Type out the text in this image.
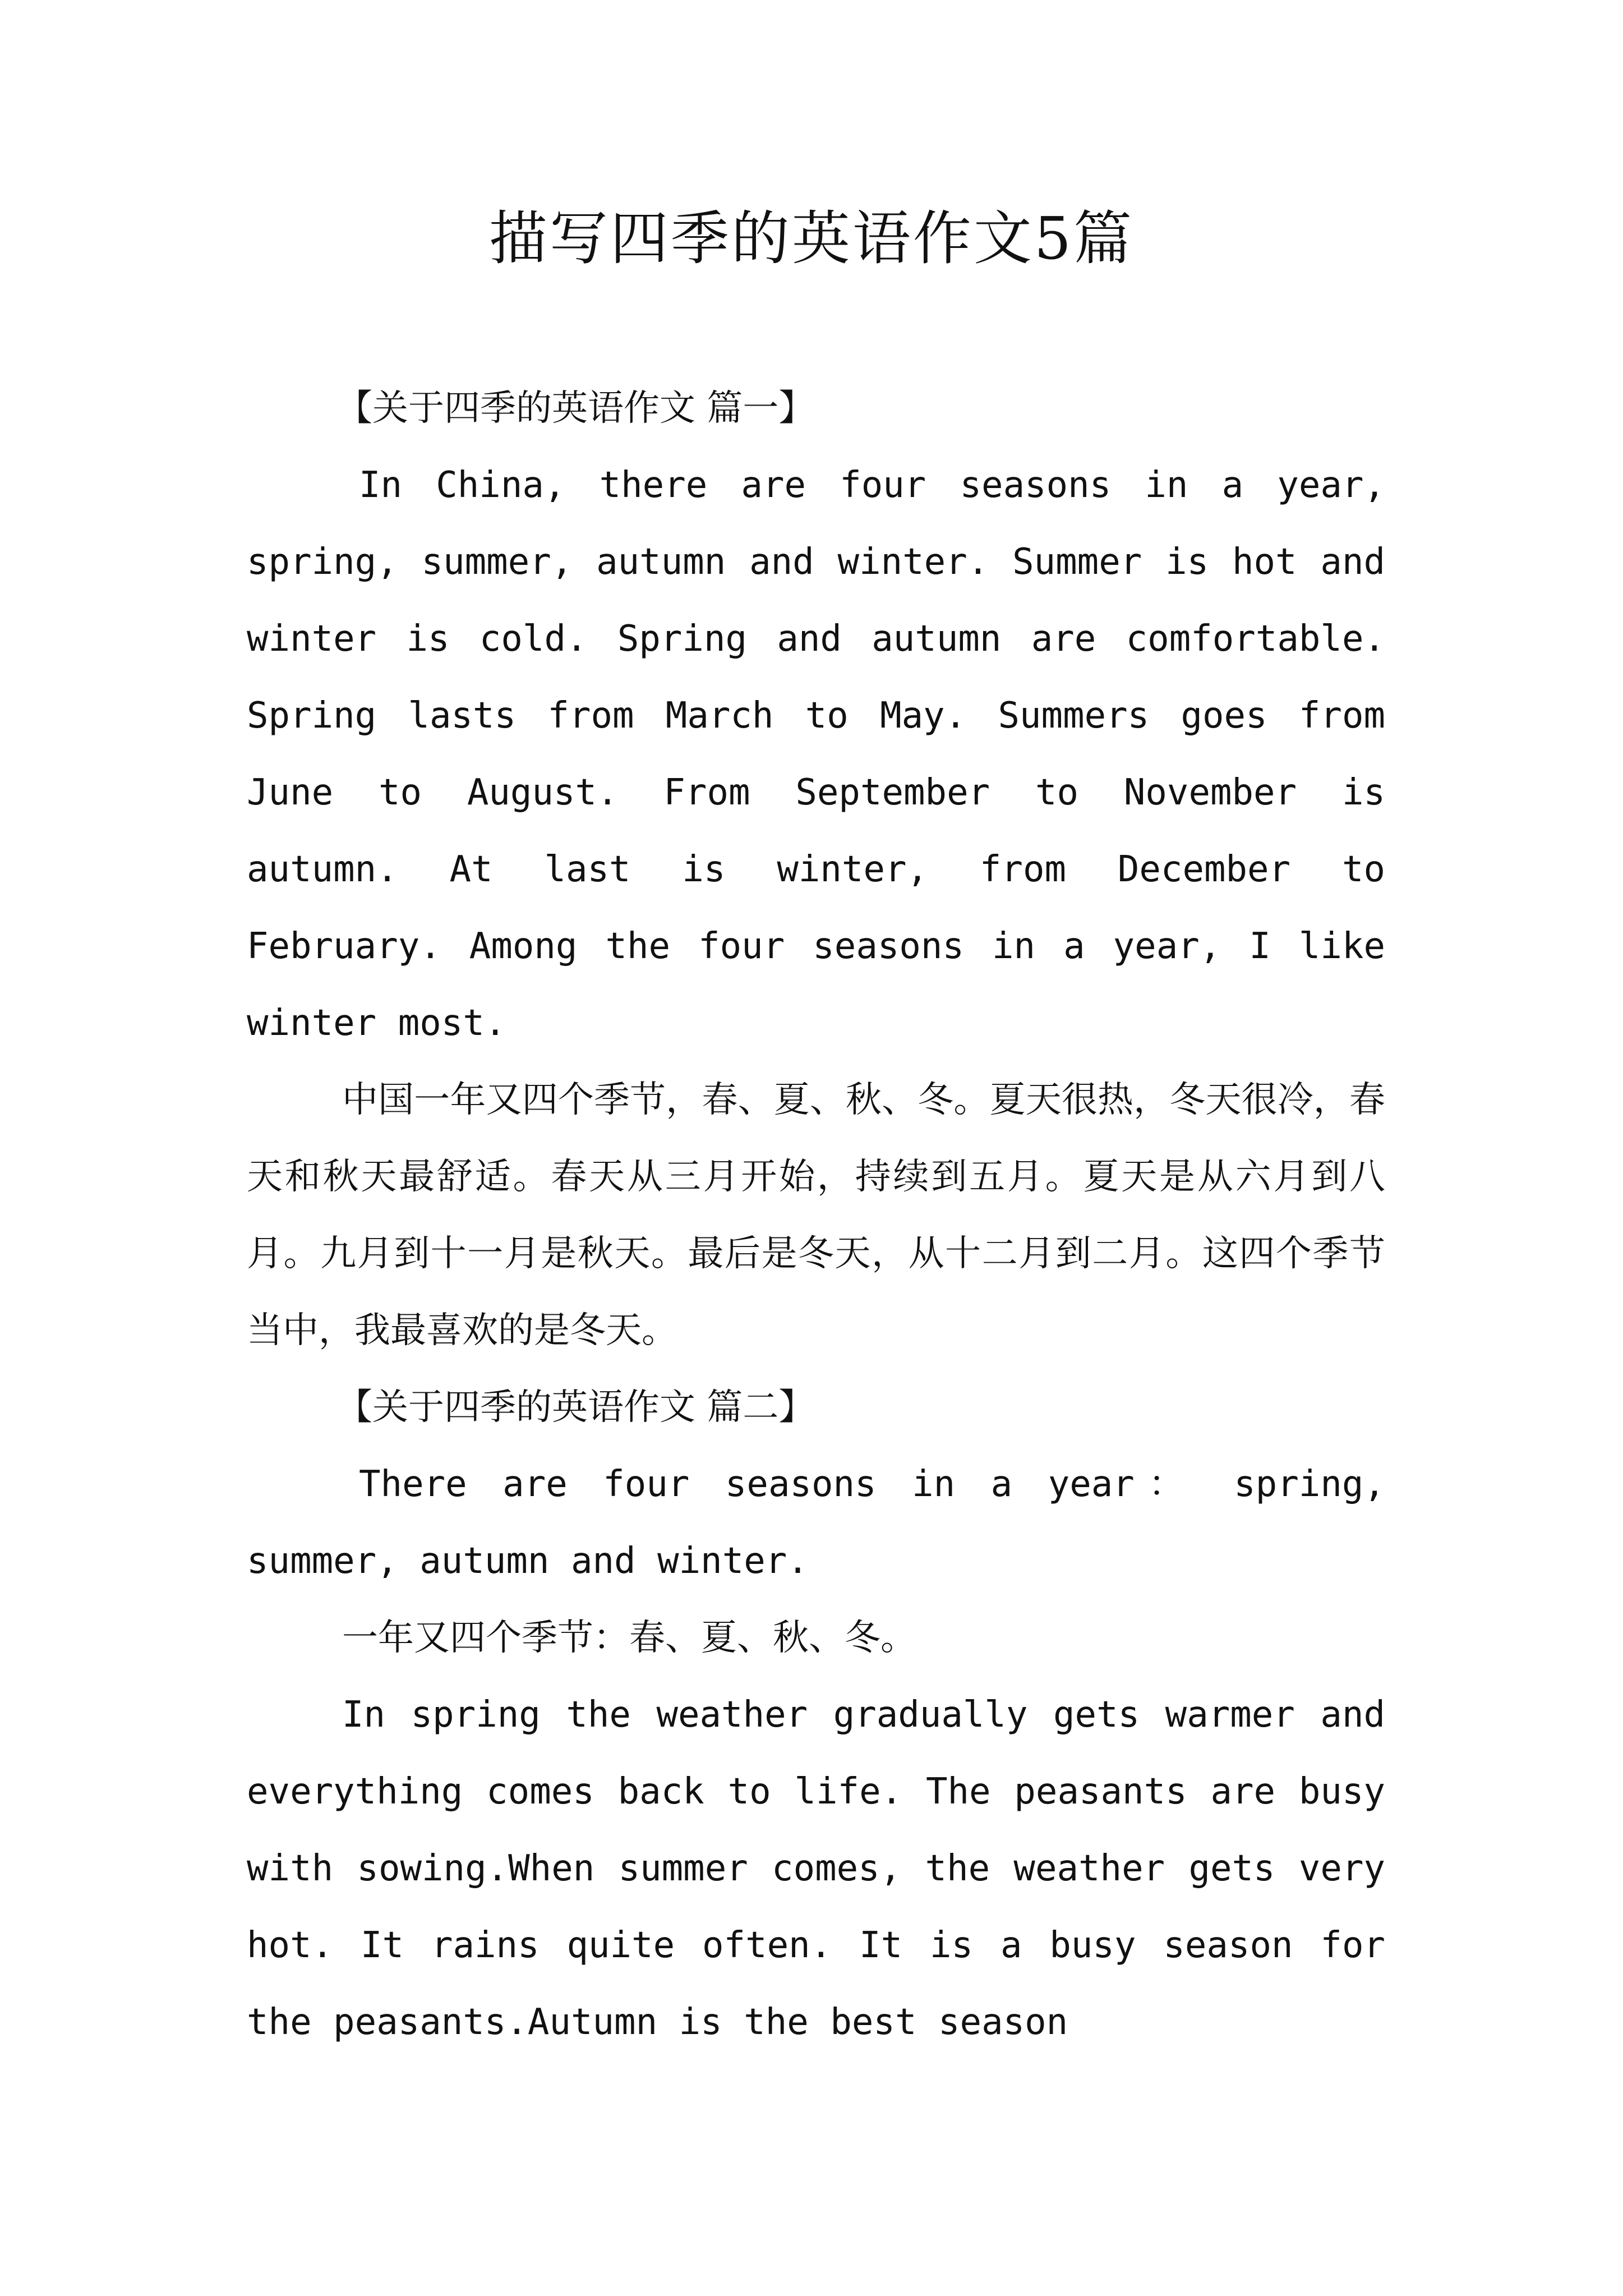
描写四季的英语作文5篇
【关于四季的英语作文 篇一】
In China, there are four seasons in a year, spring, summer, autumn and winter. Summer is hot and winter is cold. Spring and autumn are comfortable. Spring lasts from March to May. Summers goes from June to August. From September to November is autumn. At last is winter, from December to February. Among the four seasons in a year, I like winter most.
中国一年又四个季节，春、夏、秋、冬。夏天很热，冬天很冷，春天和秋天最舒适。春天从三月开始，持续到五月。夏天是从六月到八月。九月到十一月是秋天。最后是冬天，从十二月到二月。这四个季节当中，我最喜欢的是冬天。
【关于四季的英语作文 篇二】
There are four seasons in a year： spring, summer, autumn and winter.
一年又四个季节：春、夏、秋、冬。
In spring the weather gradually gets warmer and everything comes back to life. The peasants are busy with sowing.When summer comes, the weather gets very hot. It rains quite often. It is a busy season for the peasants.Autumn is the best season
